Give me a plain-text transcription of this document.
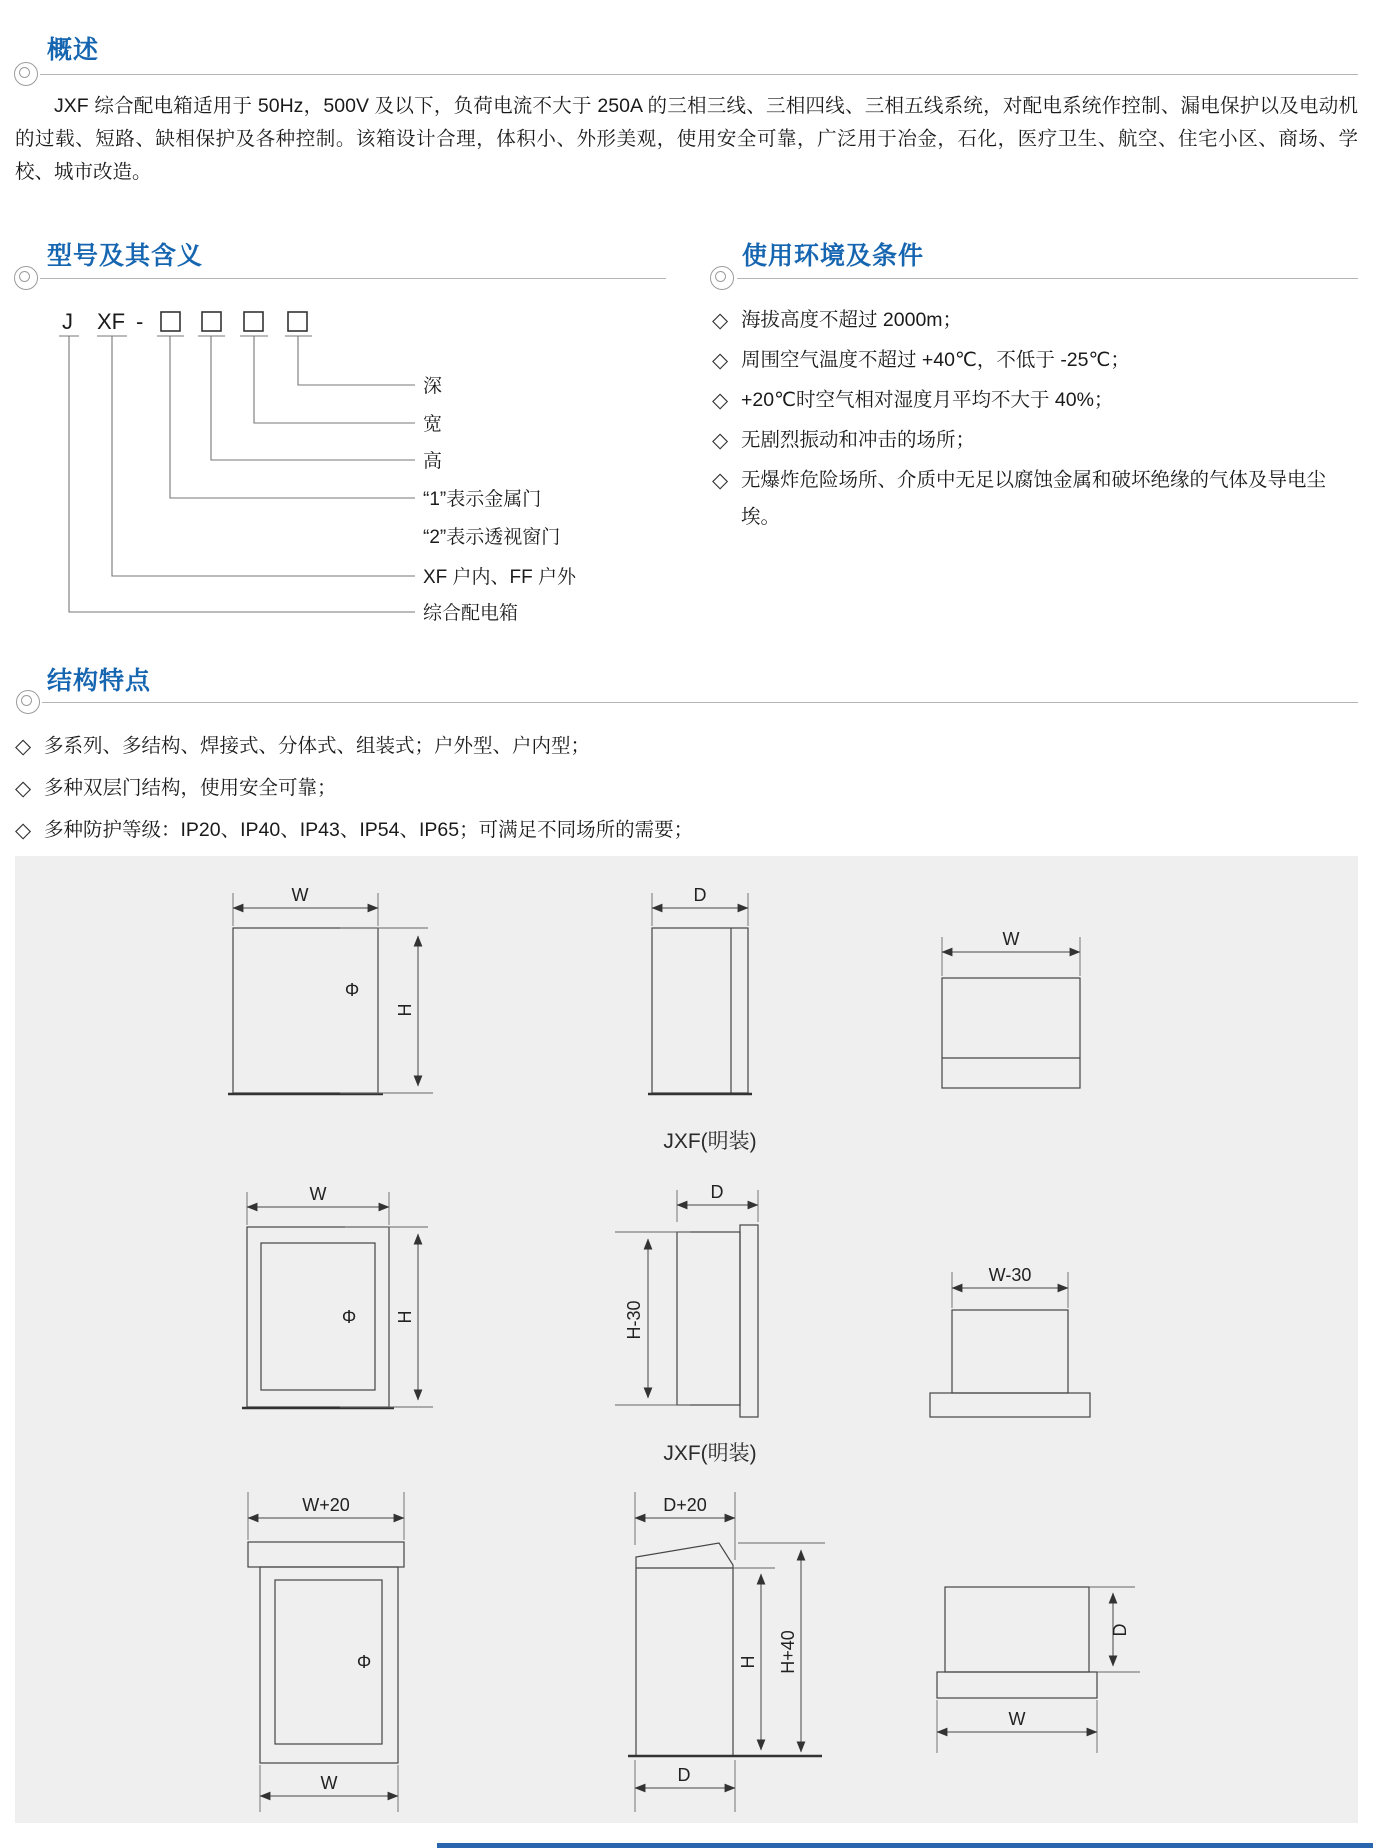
概述
JXF 综合配电箱适用于 50Hz，500V 及以下，负荷电流不大于 250A 的三相三线、三相四线、三相五线系统，对配电系统作控制、漏电保护以及电动机的过载、短路、缺相保护及各种控制。该箱设计合理，体积小、外形美观，使用安全可靠，广泛用于冶金，石化，医疗卫生、航空、住宅小区、商场、学校、城市改造。
型号及其含义
J XF -
深
宽
高
“1”表示金属门
“2”表示透视窗门
XF 户内、FF 户外
综合配电箱
使用环境及条件
◇ 海拔高度不超过 2000m；
◇ 周围空气温度不超过 +40℃，不低于 -25℃；
◇ +20℃时空气相对湿度月平均不大于 40%；
◇ 无剧烈振动和冲击的场所；
◇ 无爆炸危险场所、介质中无足以腐蚀金属和破坏绝缘的气体及导电尘埃。
结构特点
◇ 多系列、多结构、焊接式、分体式、组装式；户外型、户内型；
◇ 多种双层门结构，使用安全可靠；
◇ 多种防护等级：IP20、IP40、IP43、IP54、IP65；可满足不同场所的需要；
W
H
Φ
D
W
JXF(明装)
W
H
Φ
D
H-30
W-30
JXF(明装)
Φ
W+20
W
D+20
H H+40
D
D
W
